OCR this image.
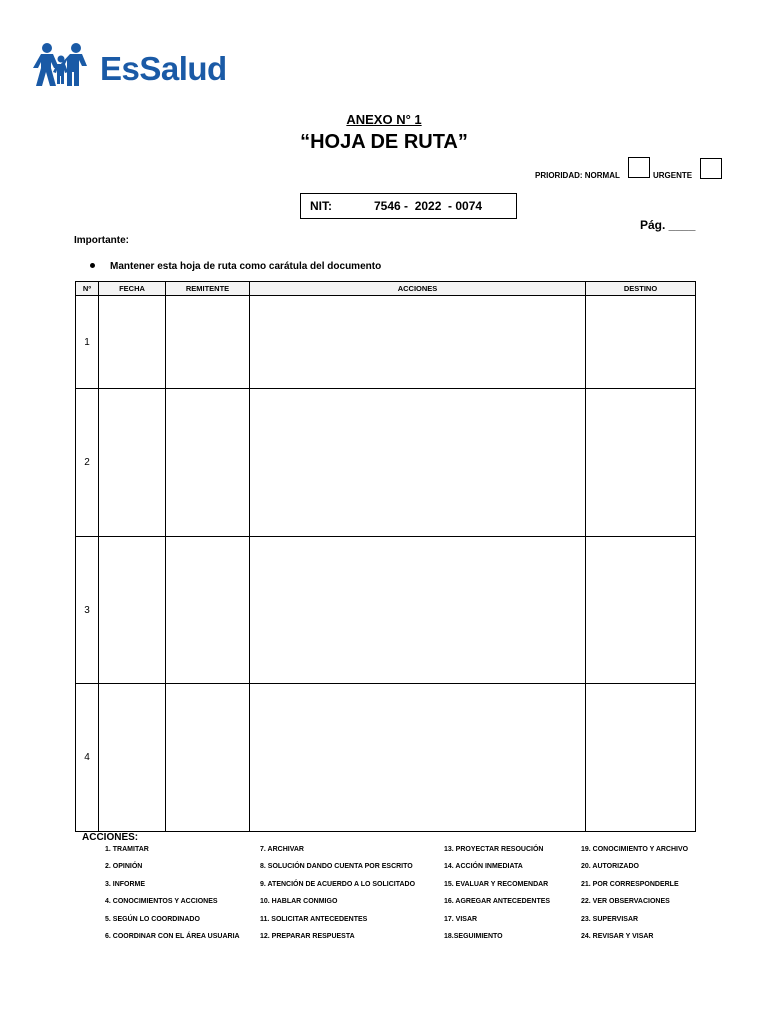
EsSalud
ANEXO N° 1
“HOJA DE RUTA”
PRIORIDAD: NORMAL	URGENTE
NIT:	7546 -  2022  - 0074
Pág. ____
Importante:
Mantener esta hoja de ruta como carátula del documento
Nº	FECHA	REMITENTE	ACCIONES	DESTINO
1				
2				
3				
4				
ACCIONES:
1. TRAMITAR
2. OPINIÓN
3. INFORME
4. CONOCIMIENTOS Y ACCIONES
5. SEGÚN LO COORDINADO
6. COORDINAR CON EL ÁREA USUARIA
7. ARCHIVAR
8. SOLUCIÓN DANDO CUENTA POR ESCRITO
9. ATENCIÓN DE ACUERDO A LO SOLICITADO
10. HABLAR CONMIGO
11. SOLICITAR ANTECEDENTES
12. PREPARAR RESPUESTA
13. PROYECTAR RESOUCIÓN
14. ACCIÓN INMEDIATA
15. EVALUAR Y RECOMENDAR
16. AGREGAR ANTECEDENTES
17. VISAR
18.SEGUIMIENTO
19. CONOCIMIENTO Y ARCHIVO
20. AUTORIZADO
21. POR CORRESPONDERLE
22. VER OBSERVACIONES
23. SUPERVISAR
24. REVISAR Y VISAR
